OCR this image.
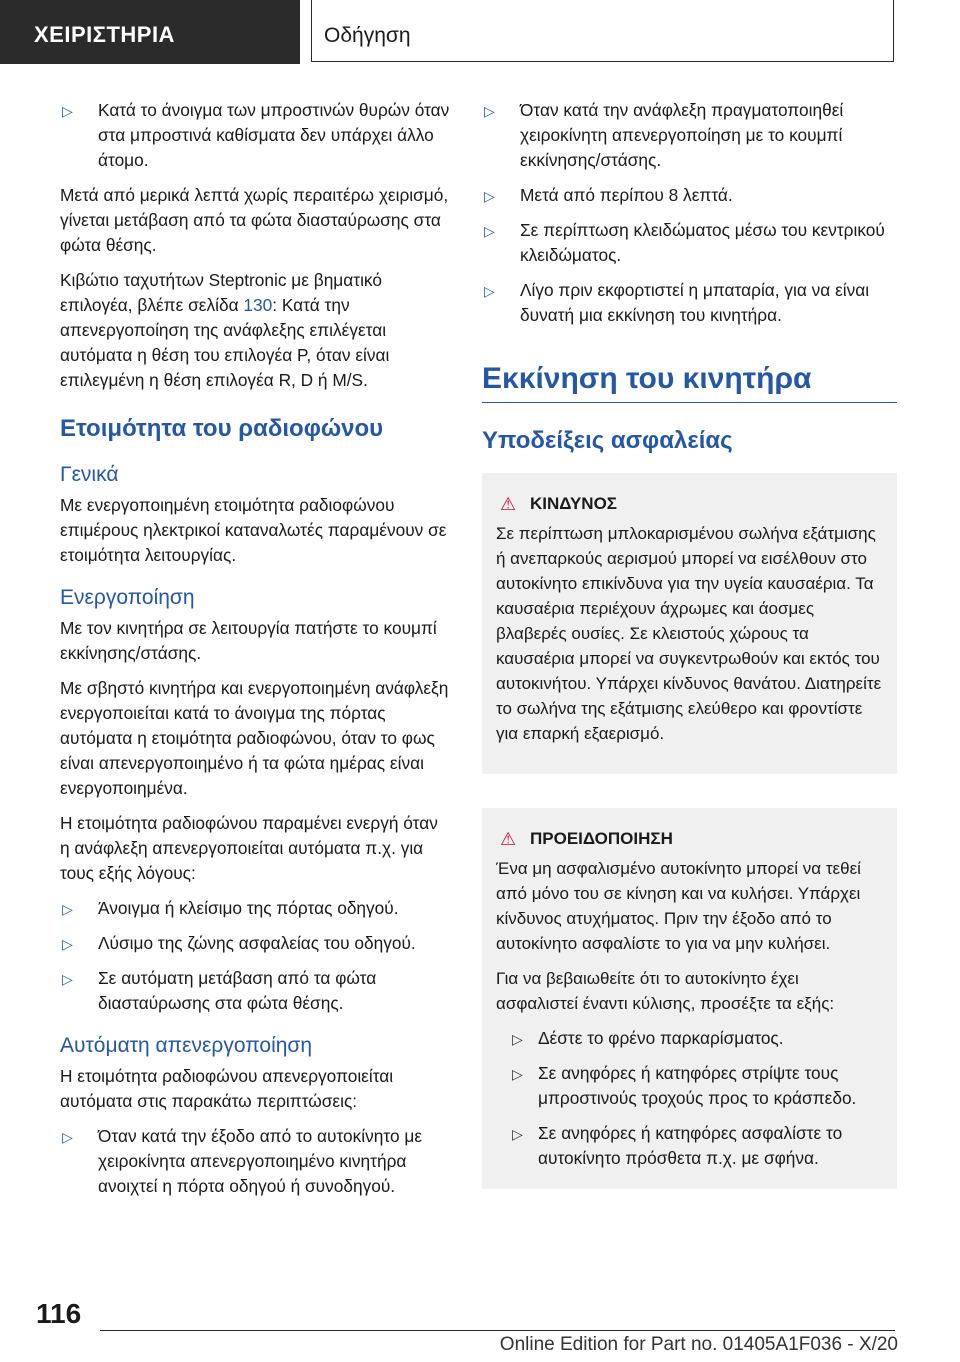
ΧΕΙΡΙΣΤΗΡΙΑ	Οδήγηση
▷ Κατά το άνοιγμα των μπροστινών θυρών όταν στα μπροστινά καθίσματα δεν υπάρχει άλλο άτομο.

Μετά από μερικά λεπτά χωρίς περαιτέρω χειρισμό, γίνεται μετάβαση από τα φώτα διασταύρωσης στα φώτα θέσης.

Κιβώτιο ταχυτήτων Steptronic με βηματικό επιλογέα, βλέπε σελίδα 130: Κατά την απενεργοποίηση της ανάφλεξης επιλέγεται αυτόματα η θέση του επιλογέα P, όταν είναι επιλεγμένη η θέση επιλογέα R, D ή M/S.

Ετοιμότητα του ραδιοφώνου
Γενικά

Με ενεργοποιημένη ετοιμότητα ραδιοφώνου επιμέρους ηλεκτρικοί καταναλωτές παραμένουν σε ετοιμότητα λειτουργίας.

Ενεργοποίηση

Με τον κινητήρα σε λειτουργία πατήστε το κουμπί εκκίνησης/στάσης.

Με σβηστό κινητήρα και ενεργοποιημένη ανάφλεξη ενεργοποιείται κατά το άνοιγμα της πόρτας αυτόματα η ετοιμότητα ραδιοφώνου, όταν το φως είναι απενεργοποιημένο ή τα φώτα ημέρας είναι ενεργοποιημένα.

Η ετοιμότητα ραδιοφώνου παραμένει ενεργή όταν η ανάφλεξη απενεργοποιείται αυτόματα π.χ. για τους εξής λόγους:

▷ Άνοιγμα ή κλείσιμο της πόρτας οδηγού.
▷ Λύσιμο της ζώνης ασφαλείας του οδηγού.
▷ Σε αυτόματη μετάβαση από τα φώτα διασταύρωσης στα φώτα θέσης.
Αυτόματη απενεργοποίηση

Η ετοιμότητα ραδιοφώνου απενεργοποιείται αυτόματα στις παρακάτω περιπτώσεις:

▷ Όταν κατά την έξοδο από το αυτοκίνητο με χειροκίνητα απενεργοποιημένο κινητήρα ανοιχτεί η πόρτα οδηγού ή συνοδηγού.
▷ Όταν κατά την ανάφλεξη πραγματοποιηθεί χειροκίνητη απενεργοποίηση με το κουμπί εκκίνησης/στάσης.
▷ Μετά από περίπου 8 λεπτά.
▷ Σε περίπτωση κλειδώματος μέσω του κεντρικού κλειδώματος.
▷ Λίγο πριν εκφορτιστεί η μπαταρία, για να είναι δυνατή μια εκκίνηση του κινητήρα.
Εκκίνηση του κινητήρα
Υποδείξεις ασφαλείας
⚠ ΚΙΝΔΥΝΟΣ

Σε περίπτωση μπλοκαρισμένου σωλήνα εξάτμισης ή ανεπαρκούς αερισμού μπορεί να εισέλθουν στο αυτοκίνητο επικίνδυνα για την υγεία καυσαέρια. Τα καυσαέρια περιέχουν άχρωμες και άοσμες βλαβερές ουσίες. Σε κλειστούς χώρους τα καυσαέρια μπορεί να συγκεντρωθούν και εκτός του αυτοκινήτου. Υπάρχει κίνδυνος θανάτου. Διατηρείτε το σωλήνα της εξάτμισης ελεύθερο και φροντίστε για επαρκή εξαερισμό.

⚠ ΠΡΟΕΙΔΟΠΟΙΗΣΗ

Ένα μη ασφαλισμένο αυτοκίνητο μπορεί να τεθεί από μόνο του σε κίνηση και να κυλήσει. Υπάρχει κίνδυνος ατυχήματος. Πριν την έξοδο από το αυτοκίνητο ασφαλίστε το για να μην κυλήσει.

Για να βεβαιωθείτε ότι το αυτοκίνητο έχει ασφαλιστεί έναντι κύλισης, προσέξτε τα εξής:

▷ Δέστε το φρένο παρκαρίσματος.
▷ Σε ανηφόρες ή κατηφόρες στρίψτε τους μπροστινούς τροχούς προς το κράσπεδο.
▷ Σε ανηφόρες ή κατηφόρες ασφαλίστε το αυτοκίνητο πρόσθετα π.χ. με σφήνα.
116
Online Edition for Part no. 01405A1F036 - X/20
